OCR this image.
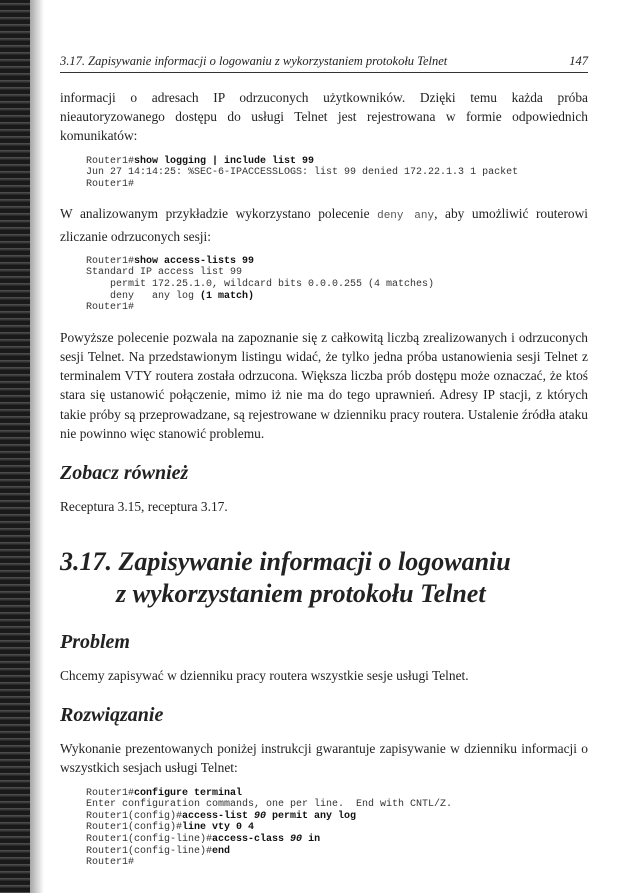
3.17. Zapisywanie informacji o logowaniu z wykorzystaniem protokołu Telnet	147

informacji o adresach IP odrzuconych użytkowników. Dzięki temu każda próba nieautoryzowanego dostępu do usługi Telnet jest rejestrowana w formie odpowiednich komunikatów:

Router1#show logging | include list 99
Jun 27 14:14:25: %SEC-6-IPACCESSLOGS: list 99 denied 172.22.1.3 1 packet
Router1#

W analizowanym przykładzie wykorzystano polecenie deny any, aby umożliwić routerowi zliczanie odrzuconych sesji:

Router1#show access-lists 99
Standard IP access list 99
permit 172.25.1.0, wildcard bits 0.0.0.255 (4 matches)
deny   any log (1 match)
Router1#

Powyższe polecenie pozwala na zapoznanie się z całkowitą liczbą zrealizowanych i odrzuconych sesji Telnet. Na przedstawionym listingu widać, że tylko jedna próba ustanowienia sesji Telnet z terminalem VTY routera została odrzucona. Większa liczba prób dostępu może oznaczać, że ktoś stara się ustanowić połączenie, mimo iż nie ma do tego uprawnień. Adresy IP stacji, z których takie próby są przeprowadzane, są rejestrowane w dzienniku pracy routera. Ustalenie źródła ataku nie powinno więc stanowić problemu.

Zobacz również

Receptura 3.15, receptura 3.17.

3.17. Zapisywanie informacji o logowaniu
z wykorzystaniem protokołu Telnet
Problem

Chcemy zapisywać w dzienniku pracy routera wszystkie sesje usługi Telnet.

Rozwiązanie

Wykonanie prezentowanych poniżej instrukcji gwarantuje zapisywanie w dzienniku informacji o wszystkich sesjach usługi Telnet:

Router1#configure terminal
Enter configuration commands, one per line.  End with CNTL/Z.
Router1(config)#access-list 90 permit any log
Router1(config)#line vty 0 4
Router1(config-line)#access-class 90 in
Router1(config-line)#end
Router1#
